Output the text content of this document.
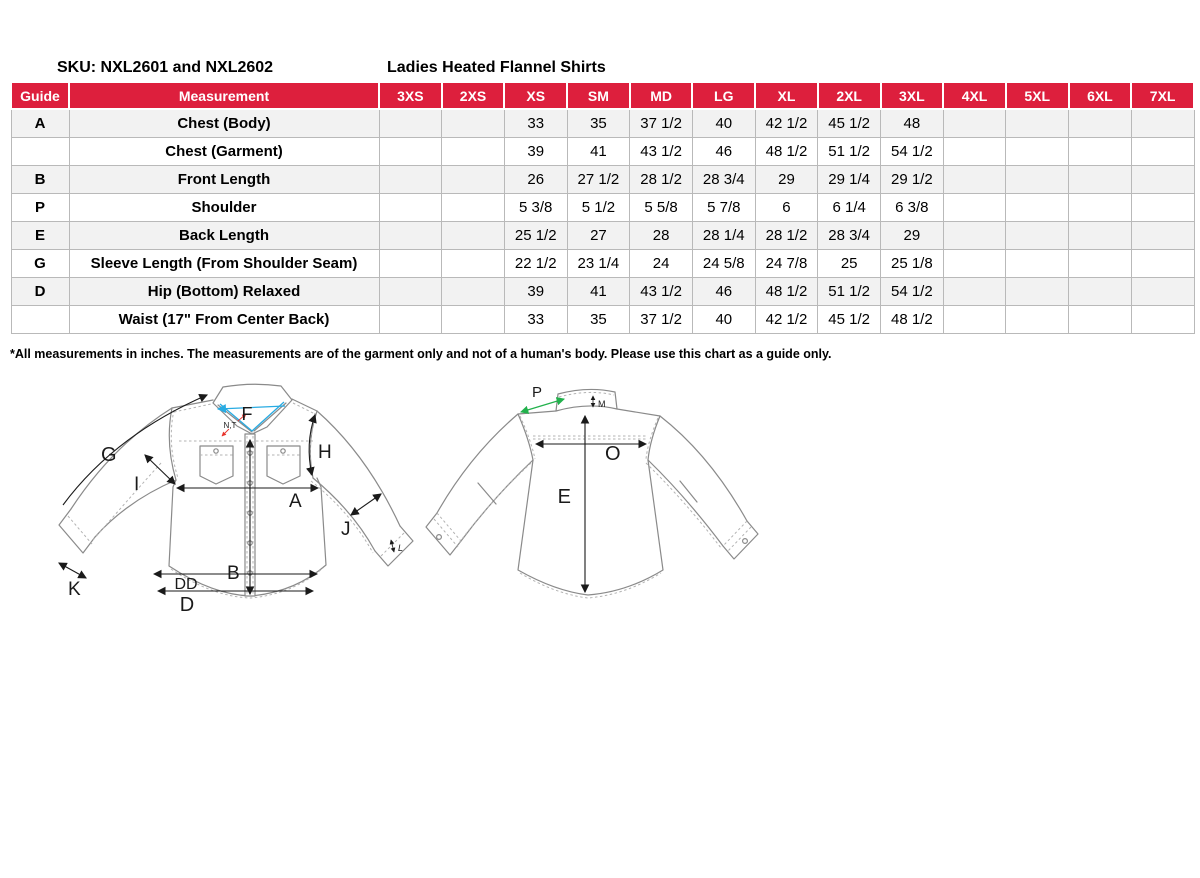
SKU: NXL2601 and NXL2602	Ladies Heated Flannel Shirts
Guide	Measurement	3XS	2XS	XS	SM	MD	LG	XL	2XL	3XL	4XL	5XL	6XL	7XL
A	Chest (Body)			33	35	37 1/2	40	42 1/2	45 1/2	48				
	Chest (Garment)			39	41	43 1/2	46	48 1/2	51 1/2	54 1/2				
B	Front Length			26	27 1/2	28 1/2	28 3/4	29	29 1/4	29 1/2				
P	Shoulder			5 3/8	5 1/2	5 5/8	5 7/8	6	6 1/4	6 3/8				
E	Back Length			25 1/2	27	28	28 1/4	28 1/2	28 3/4	29				
G	Sleeve Length (From Shoulder Seam)			22 1/2	23 1/4	24	24 5/8	24 7/8	25	25 1/8				
D	Hip (Bottom) Relaxed			39	41	43 1/2	46	48 1/2	51 1/2	54 1/2				
	Waist (17" From Center Back)			33	35	37 1/2	40	42 1/2	45 1/2	48 1/2				
*All measurements in inches. The measurements are of the garment only and not of a human's body. Please use this chart as a guide only.
G
I
F
N,T
H
A
J
B
K	DD
D
L
P
M
O
E
